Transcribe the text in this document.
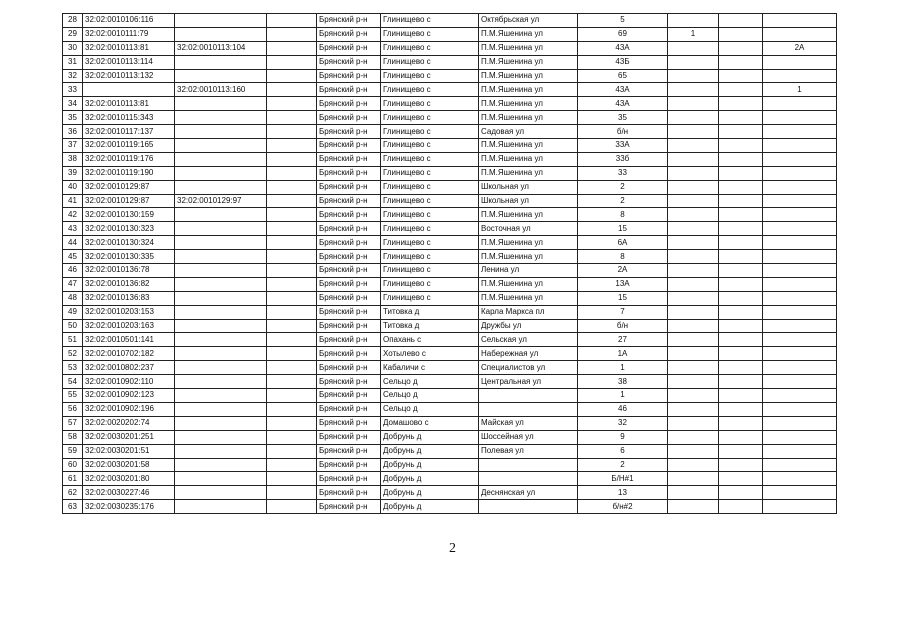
28	32:02:0010106:116			Брянский р-н	Глинищево с	Октябрьская ул	5			
29	32:02:0010111:79			Брянский р-н	Глинищево с	П.М.Яшенина ул	69	1		
30	32:02:0010113:81	32:02:0010113:104		Брянский р-н	Глинищево с	П.М.Яшенина ул	43А			2А
31	32:02:0010113:114			Брянский р-н	Глинищево с	П.М.Яшенина ул	43Б			
32	32:02:0010113:132			Брянский р-н	Глинищево с	П.М.Яшенина ул	65			
33		32:02:0010113:160		Брянский р-н	Глинищево с	П.М.Яшенина ул	43А			1
34	32:02:0010113:81			Брянский р-н	Глинищево с	П.М.Яшенина ул	43А			
35	32:02:0010115:343			Брянский р-н	Глинищево с	П.М.Яшенина ул	35			
36	32:02:0010117:137			Брянский р-н	Глинищево с	Садовая ул	б/н			
37	32:02:0010119:165			Брянский р-н	Глинищево с	П.М.Яшенина ул	33А			
38	32:02:0010119:176			Брянский р-н	Глинищево с	П.М.Яшенина ул	33б			
39	32:02:0010119:190			Брянский р-н	Глинищево с	П.М.Яшенина ул	33			
40	32:02:0010129:87			Брянский р-н	Глинищево с	Школьная ул	2			
41	32:02:0010129:87	32:02:0010129:97		Брянский р-н	Глинищево с	Школьная ул	2			
42	32:02:0010130:159			Брянский р-н	Глинищево с	П.М.Яшенина ул	8			
43	32:02:0010130:323			Брянский р-н	Глинищево с	Восточная ул	15			
44	32:02:0010130:324			Брянский р-н	Глинищево с	П.М.Яшенина ул	6А			
45	32:02:0010130:335			Брянский р-н	Глинищево с	П.М.Яшенина ул	8			
46	32:02:0010136:78			Брянский р-н	Глинищево с	Ленина ул	2А			
47	32:02:0010136:82			Брянский р-н	Глинищево с	П.М.Яшенина ул	13А			
48	32:02:0010136:83			Брянский р-н	Глинищево с	П.М.Яшенина ул	15			
49	32:02:0010203:153			Брянский р-н	Титовка д	Карла Маркса пл	7			
50	32:02:0010203:163			Брянский р-н	Титовка д	Дружбы ул	б/н			
51	32:02:0010501:141			Брянский р-н	Опахань с	Сельская ул	27			
52	32:02:0010702:182			Брянский р-н	Хотылево с	Набережная ул	1А			
53	32:02:0010802:237			Брянский р-н	Кабаличи с	Специалистов ул	1			
54	32:02:0010902:110			Брянский р-н	Сельцо д	Центральная ул	38			
55	32:02:0010902:123			Брянский р-н	Сельцо д		1			
56	32:02:0010902:196			Брянский р-н	Сельцо д		46			
57	32:02:0020202:74			Брянский р-н	Домашово с	Майская ул	32			
58	32:02:0030201:251			Брянский р-н	Добрунь д	Шоссейная ул	9			
59	32:02:0030201:51			Брянский р-н	Добрунь д	Полевая ул	6			
60	32:02:0030201:58			Брянский р-н	Добрунь д		2			
61	32:02:0030201:80			Брянский р-н	Добрунь д		Б/Н#1			
62	32:02:0030227:46			Брянский р-н	Добрунь д	Деснянская ул	13			
63	32:02:0030235:176			Брянский р-н	Добрунь д		б/н#2			
2
